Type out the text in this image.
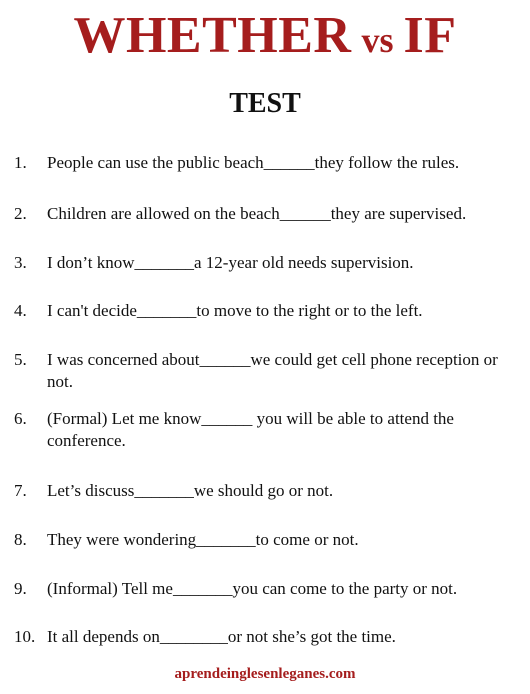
WHETHER vs IF
TEST
1.	People can use the public beach______they follow the rules.
2.	Children are allowed on the beach______they are supervised.
3.	I don’t know_______a 12-year old needs supervision.
4.	I can't decide_______to move to the right or to the left.
5.	I was concerned about______we could get cell phone reception or not.
6.	(Formal) Let me know______ you will be able to attend the conference.
7.	Let’s discuss_______we should go or not.
8.	They were wondering_______to come or not.
9.	(Informal) Tell me_______you can come to the party or not.
10. It all depends on________or not she’s got the time.
aprendeinglesenleganes.com
